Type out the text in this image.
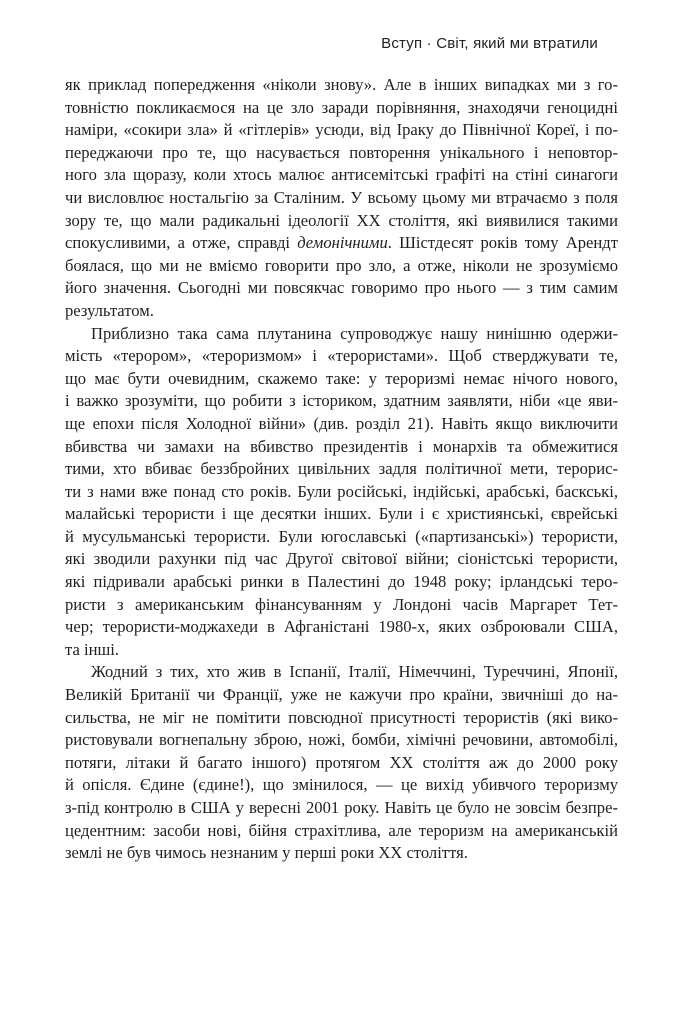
Вступ · Світ, який ми втратили
як приклад попередження «ніколи знову». Але в інших випадках ми з го-
товністю покликаємося на це зло заради порівняння, знаходячи геноцидні
наміри, «сокири зла» й «гітлерів» усюди, від Іраку до Північної Кореї, і по-
переджаючи про те, що насувається повторення унікального і неповтор-
ного зла щоразу, коли хтось малює антисемітські графіті на стіні синагоги
чи висловлює ностальгію за Сталіним. У всьому цьому ми втрачаємо з поля
зору те, що мали радикальні ідеології XX століття, які виявилися такими
спокусливими, а отже, справді демонічними. Шістдесят років тому Арендт
боялася, що ми не вміємо говорити про зло, а отже, ніколи не зрозуміємо
його значення. Сьогодні ми повсякчас говоримо про нього — з тим самим
результатом.
Приблизно така сама плутанина супроводжує нашу нинішню одержи-
мість «терором», «тероризмом» і «терористами». Щоб стверджувати те,
що має бути очевидним, скажемо таке: у тероризмі немає нічого нового,
і важко зрозуміти, що робити з істориком, здатним заявляти, ніби «це яви-
ще епохи після Холодної війни» (див. розділ 21). Навіть якщо виключити
вбивства чи замахи на вбивство президентів і монархів та обмежитися
тими, хто вбиває беззбройних цивільних задля політичної мети, терорис-
ти з нами вже понад сто років. Були російські, індійські, арабські, баскські,
малайські терористи і ще десятки інших. Були і є християнські, єврейські
й мусульманські терористи. Були югославські («партизанські») терористи,
які зводили рахунки під час Другої світової війни; сіоністські терористи,
які підривали арабські ринки в Палестині до 1948 року; ірландські теро-
ристи з американським фінансуванням у Лондоні часів Маргарет Тет-
чер; терористи-моджахеди в Афганістані 1980-х, яких озброювали США,
та інші.
Жодний з тих, хто жив в Іспанії, Італії, Німеччині, Туреччині, Японії,
Великій Британії чи Франції, уже не кажучи про країни, звичніші до на-
сильства, не міг не помітити повсюдної присутності терористів (які вико-
ристовували вогнепальну зброю, ножі, бомби, хімічні речовини, автомобілі,
потяги, літаки й багато іншого) протягом XX століття аж до 2000 року
й опісля. Єдине (єдине!), що змінилося, — це вихід убивчого тероризму
з-під контролю в США у вересні 2001 року. Навіть це було не зовсім безпре-
цедентним: засоби нові, бійня страхітлива, але тероризм на американській
землі не був чимось незнаним у перші роки XX століття.
